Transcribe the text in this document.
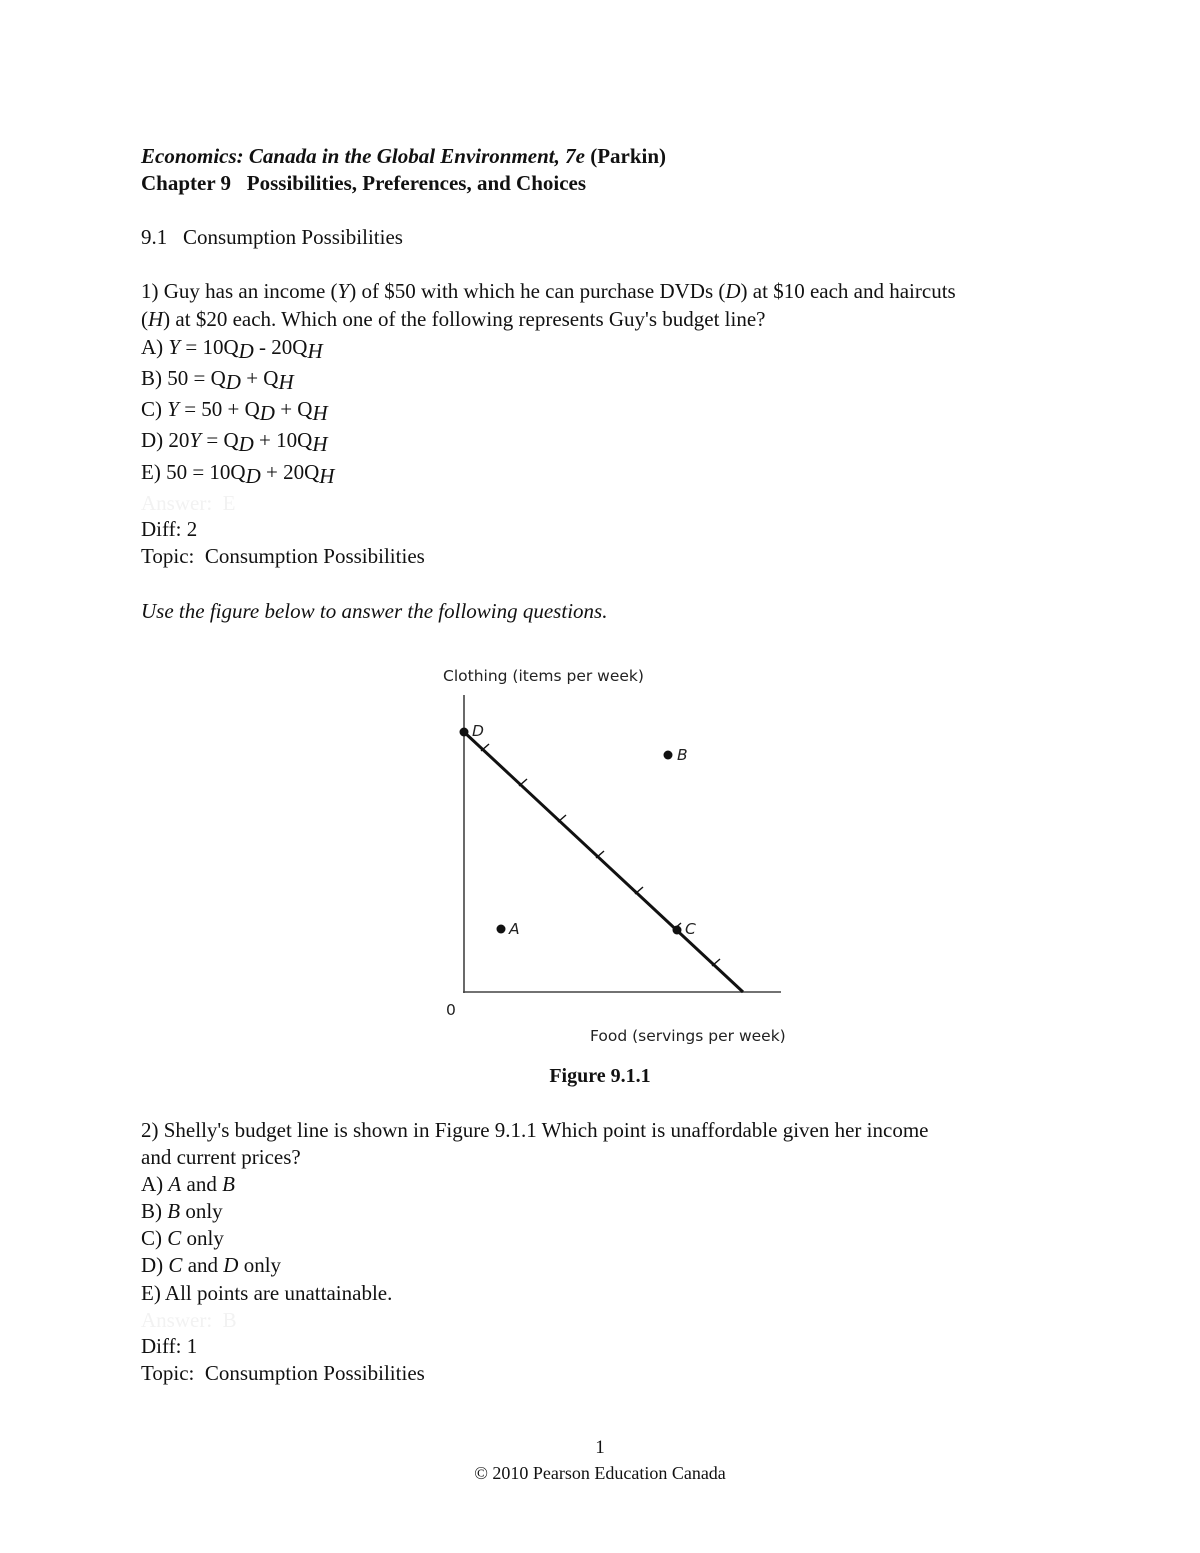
Economics: Canada in the Global Environment, 7e (Parkin)
Chapter 9   Possibilities, Preferences, and Choices
9.1   Consumption Possibilities
1) Guy has an income (Y) of $50 with which he can purchase DVDs (D) at $10 each and haircuts
(H) at $20 each. Which one of the following represents Guy's budget line?
A) Y = 10QD - 20QH
B) 50 = QD + QH
C) Y = 50 + QD + QH
D) 20Y = QD + 10QH
E) 50 = 10QD + 20QH
Answer:  E
Diff: 2
Topic:  Consumption Possibilities
Use the figure below to answer the following questions.
Clothing (items per week)
0
Food (servings per week)
D
B
A	C
Figure 9.1.1
2) Shelly's budget line is shown in Figure 9.1.1 Which point is unaffordable given her income
and current prices?
A) A and B
B) B only
C) C only
D) C and D only
E) All points are unattainable.
Answer:  B
Diff: 1
Topic:  Consumption Possibilities
1
© 2010 Pearson Education Canada
